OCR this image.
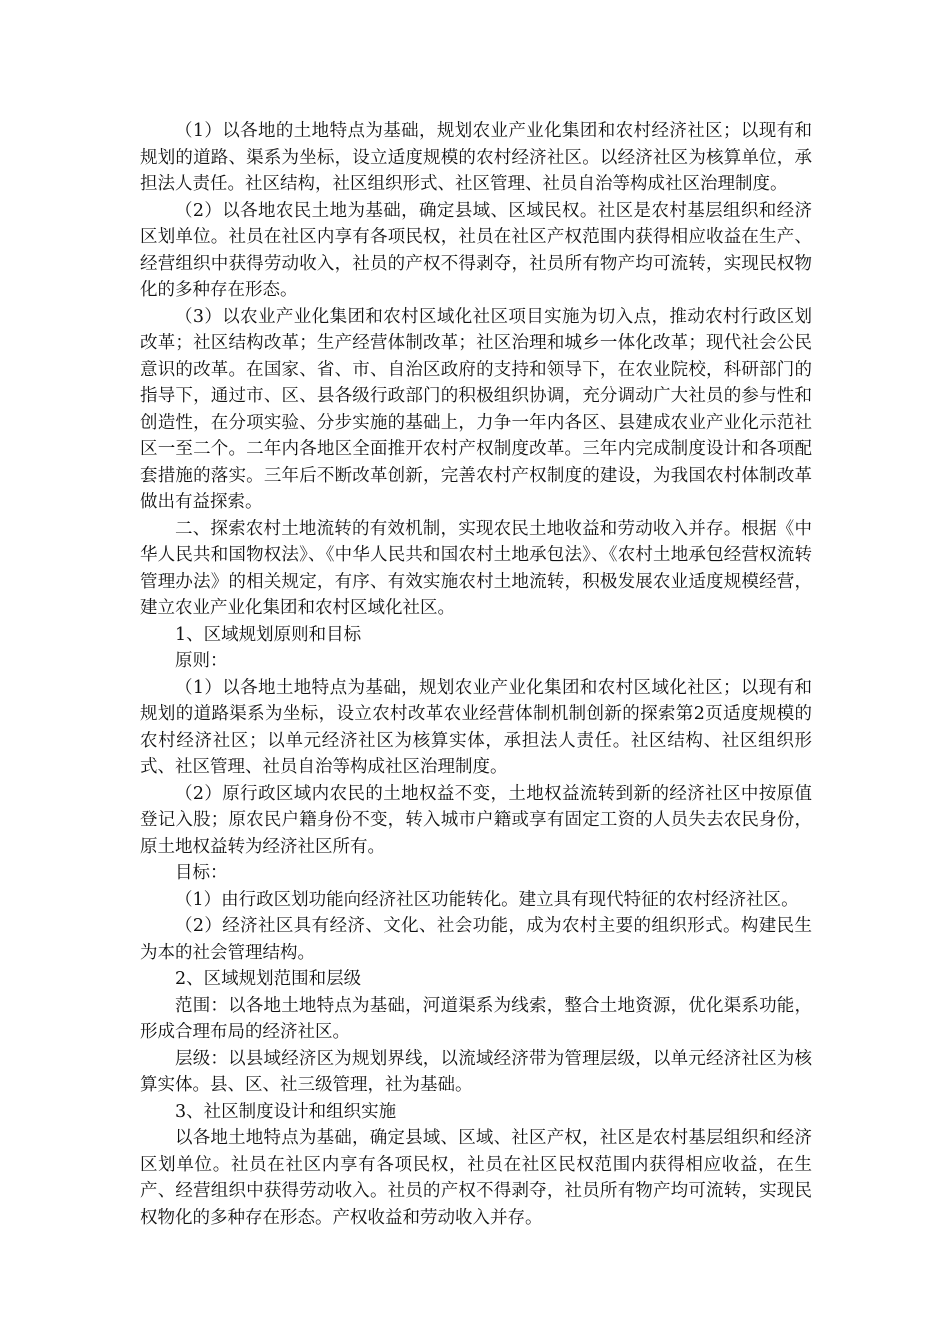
（1）以各地的土地特点为基础，规划农业产业化集团和农村经济社区；以现有和规划的道路、渠系为坐标，设立适度规模的农村经济社区。以经济社区为核算单位，承担法人责任。社区结构，社区组织形式、社区管理、社员自治等构成社区治理制度。

（2）以各地农民土地为基础，确定县域、区域民权。社区是农村基层组织和经济区划单位。社员在社区内享有各项民权，社员在社区产权范围内获得相应收益在生产、经营组织中获得劳动收入，社员的产权不得剥夺，社员所有物产均可流转，实现民权物化的多种存在形态。

（3）以农业产业化集团和农村区域化社区项目实施为切入点，推动农村行政区划改革；社区结构改革；生产经营体制改革；社区治理和城乡一体化改革；现代社会公民意识的改革。在国家、省、市、自治区政府的支持和领导下，在农业院校，科研部门的指导下，通过市、区、县各级行政部门的积极组织协调，充分调动广大社员的参与性和创造性，在分项实验、分步实施的基础上，力争一年内各区、县建成农业产业化示范社区一至二个。二年内各地区全面推开农村产权制度改革。三年内完成制度设计和各项配套措施的落实。三年后不断改革创新，完善农村产权制度的建设，为我国农村体制改革做出有益探索。

二、探索农村土地流转的有效机制，实现农民土地收益和劳动收入并存。根据《中华人民共和国物权法》、《中华人民共和国农村土地承包法》、《农村土地承包经营权流转管理办法》的相关规定，有序、有效实施农村土地流转，积极发展农业适度规模经营，建立农业产业化集团和农村区域化社区。

1、区域规划原则和目标

原则：

（1）以各地土地特点为基础，规划农业产业化集团和农村区域化社区；以现有和规划的道路渠系为坐标，设立农村改革农业经营体制机制创新的探索第2页适度规模的农村经济社区；以单元经济社区为核算实体，承担法人责任。社区结构、社区组织形式、社区管理、社员自治等构成社区治理制度。

（2）原行政区域内农民的土地权益不变，土地权益流转到新的经济社区中按原值登记入股；原农民户籍身份不变，转入城市户籍或享有固定工资的人员失去农民身份，原土地权益转为经济社区所有。

目标：

（1）由行政区划功能向经济社区功能转化。建立具有现代特征的农村经济社区。

（2）经济社区具有经济、文化、社会功能，成为农村主要的组织形式。构建民生为本的社会管理结构。

2、区域规划范围和层级

范围：以各地土地特点为基础，河道渠系为线索，整合土地资源，优化渠系功能，形成合理布局的经济社区。

层级：以县域经济区为规划界线，以流域经济带为管理层级，以单元经济社区为核算实体。县、区、社三级管理，社为基础。

3、社区制度设计和组织实施

以各地土地特点为基础，确定县域、区域、社区产权，社区是农村基层组织和经济区划单位。社员在社区内享有各项民权，社员在社区民权范围内获得相应收益，在生产、经营组织中获得劳动收入。社员的产权不得剥夺，社员所有物产均可流转，实现民权物化的多种存在形态。产权收益和劳动收入并存。
